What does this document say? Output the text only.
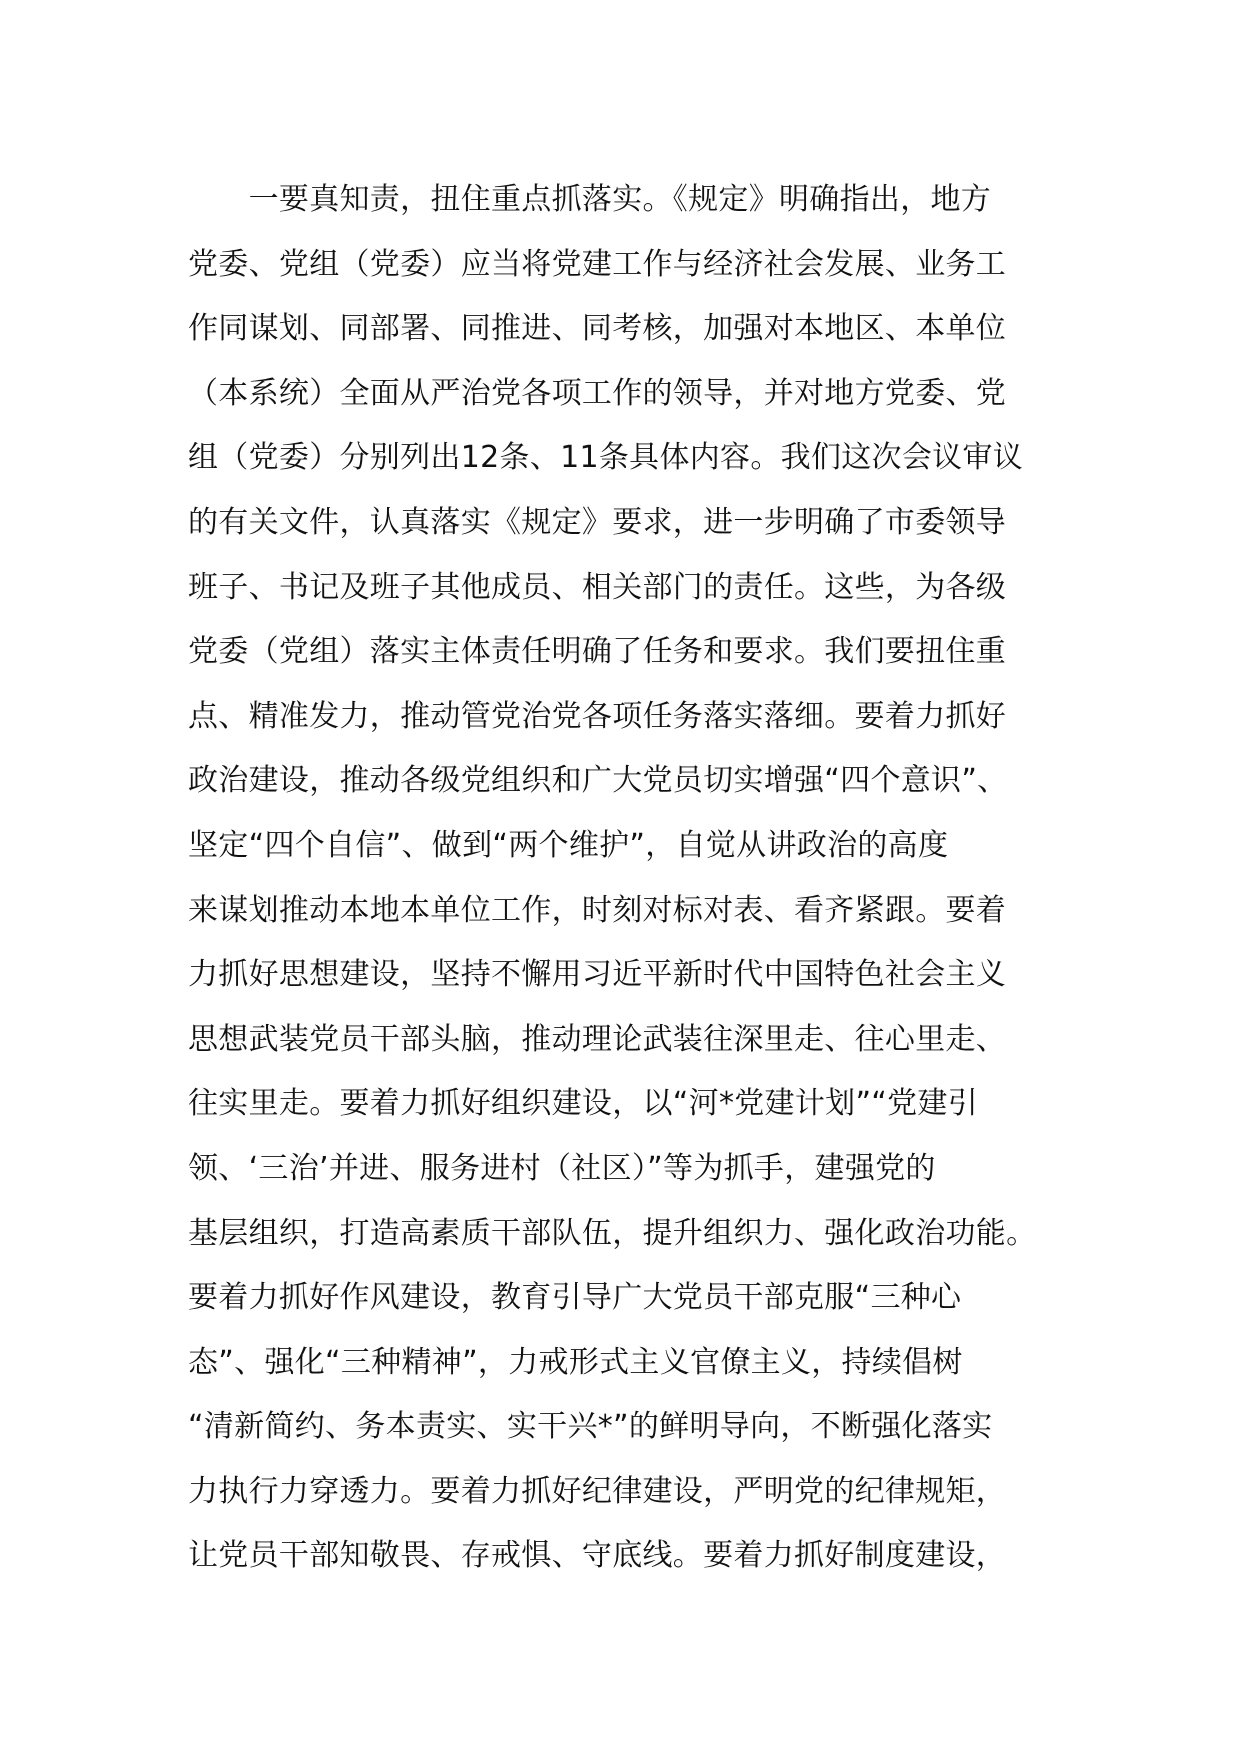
　　一要真知责，扭住重点抓落实。《规定》明确指出，地方
党委、党组（党委）应当将党建工作与经济社会发展、业务工
作同谋划、同部署、同推进、同考核，加强对本地区、本单位
（本系统）全面从严治党各项工作的领导，并对地方党委、党
组（党委）分别列出12条、11条具体内容。我们这次会议审议
的有关文件，认真落实《规定》要求，进一步明确了市委领导
班子、书记及班子其他成员、相关部门的责任。这些，为各级
党委（党组）落实主体责任明确了任务和要求。我们要扭住重
点、精准发力，推动管党治党各项任务落实落细。要着力抓好
政治建设，推动各级党组织和广大党员切实增强“四个意识”、
坚定“四个自信”、做到“两个维护”，自觉从讲政治的高度
来谋划推动本地本单位工作，时刻对标对表、看齐紧跟。要着
力抓好思想建设，坚持不懈用习近平新时代中国特色社会主义
思想武装党员干部头脑，推动理论武装往深里走、往心里走、
往实里走。要着力抓好组织建设，以“河*党建计划”“党建引
领、‘三治’并进、服务进村（社区）”等为抓手，建强党的
基层组织，打造高素质干部队伍，提升组织力、强化政治功能。
要着力抓好作风建设，教育引导广大党员干部克服“三种心
态”、强化“三种精神”，力戒形式主义官僚主义，持续倡树
“清新简约、务本责实、实干兴*”的鲜明导向，不断强化落实
力执行力穿透力。要着力抓好纪律建设，严明党的纪律规矩，
让党员干部知敬畏、存戒惧、守底线。要着力抓好制度建设，
